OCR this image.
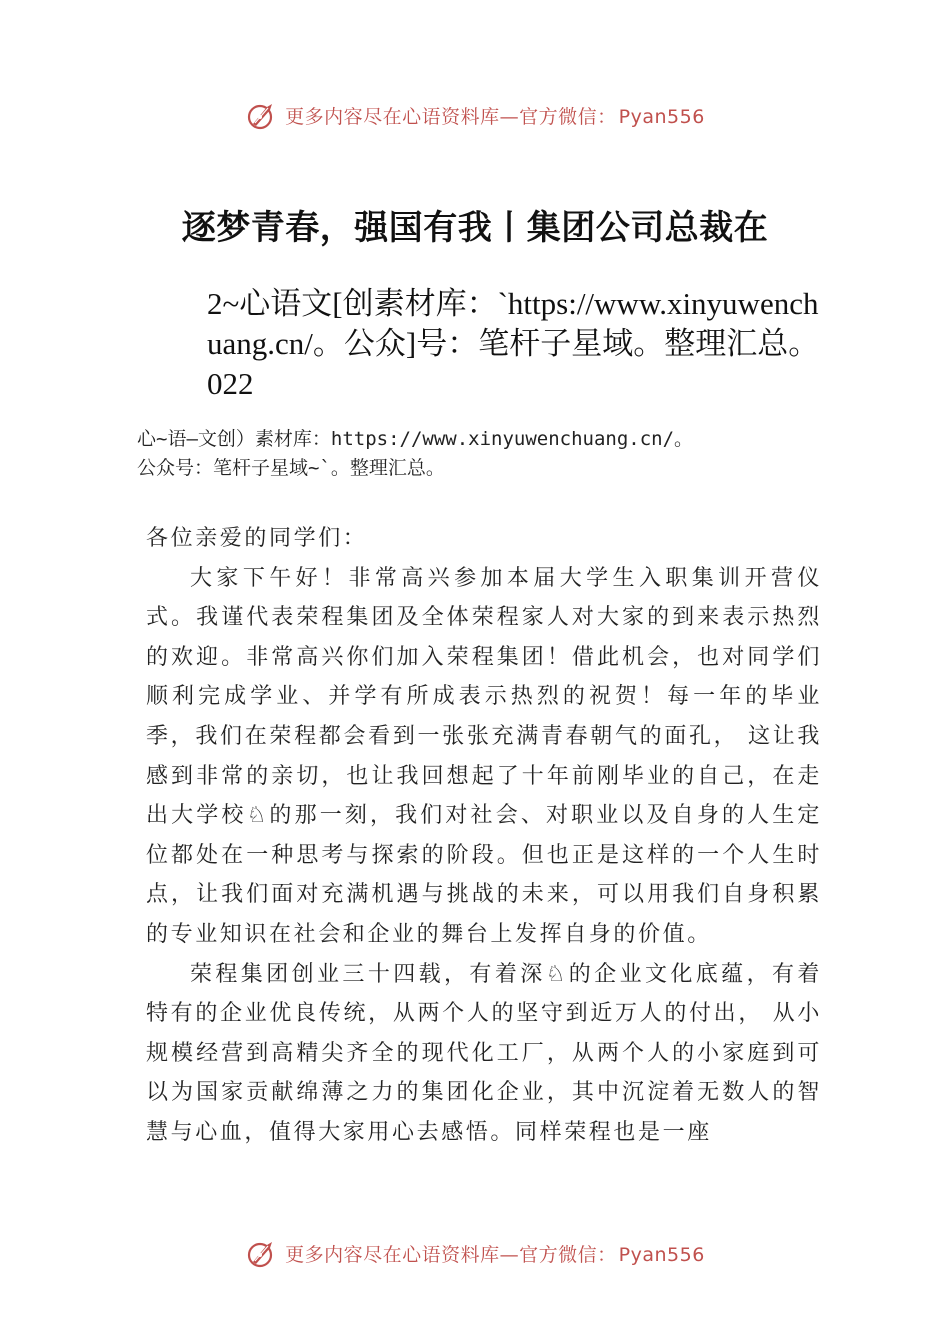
更多内容尽在心语资料库—官方微信： Pyan556
逐梦青春，强国有我丨集团公司总裁在
2~心语文[创素材库：`https://www.xinyuwenchuang.cn/。公众]号：笔杆子星域。整理汇总。022
心~语—文创）素材库：https://www.xinyuwenchuang.cn/。
公众号：笔杆子星域~`。整理汇总。

各位亲爱的同学们：

大家下午好！非常高兴参加本届大学生入职集训开营仪式。我谨代表荣程集团及全体荣程家人对大家的到来表示热烈的欢迎。非常高兴你们加入荣程集团！借此机会，也对同学们顺利完成学业、并学有所成表示热烈的祝贺！每一年的毕业季，我们在荣程都会看到一张张充满青春朝气的面孔， 这让我感到非常的亲切，也让我回想起了十年前刚毕业的自己，在走出大学校♘的那一刻，我们对社会、对职业以及自身的人生定位都处在一种思考与探索的阶段。但也正是这样的一个人生时点，让我们面对充满机遇与挑战的未来，可以用我们自身积累的专业知识在社会和企业的舞台上发挥自身的价值。

荣程集团创业三十四载，有着深♘的企业文化底蕴，有着特有的企业优良传统，从两个人的坚守到近万人的付出， 从小规模经营到高精尖齐全的现代化工厂，从两个人的小家庭到可以为国家贡献绵薄之力的集团化企业，其中沉淀着无数人的智慧与心血，值得大家用心去感悟。同样荣程也是一座

更多内容尽在心语资料库—官方微信： Pyan556
